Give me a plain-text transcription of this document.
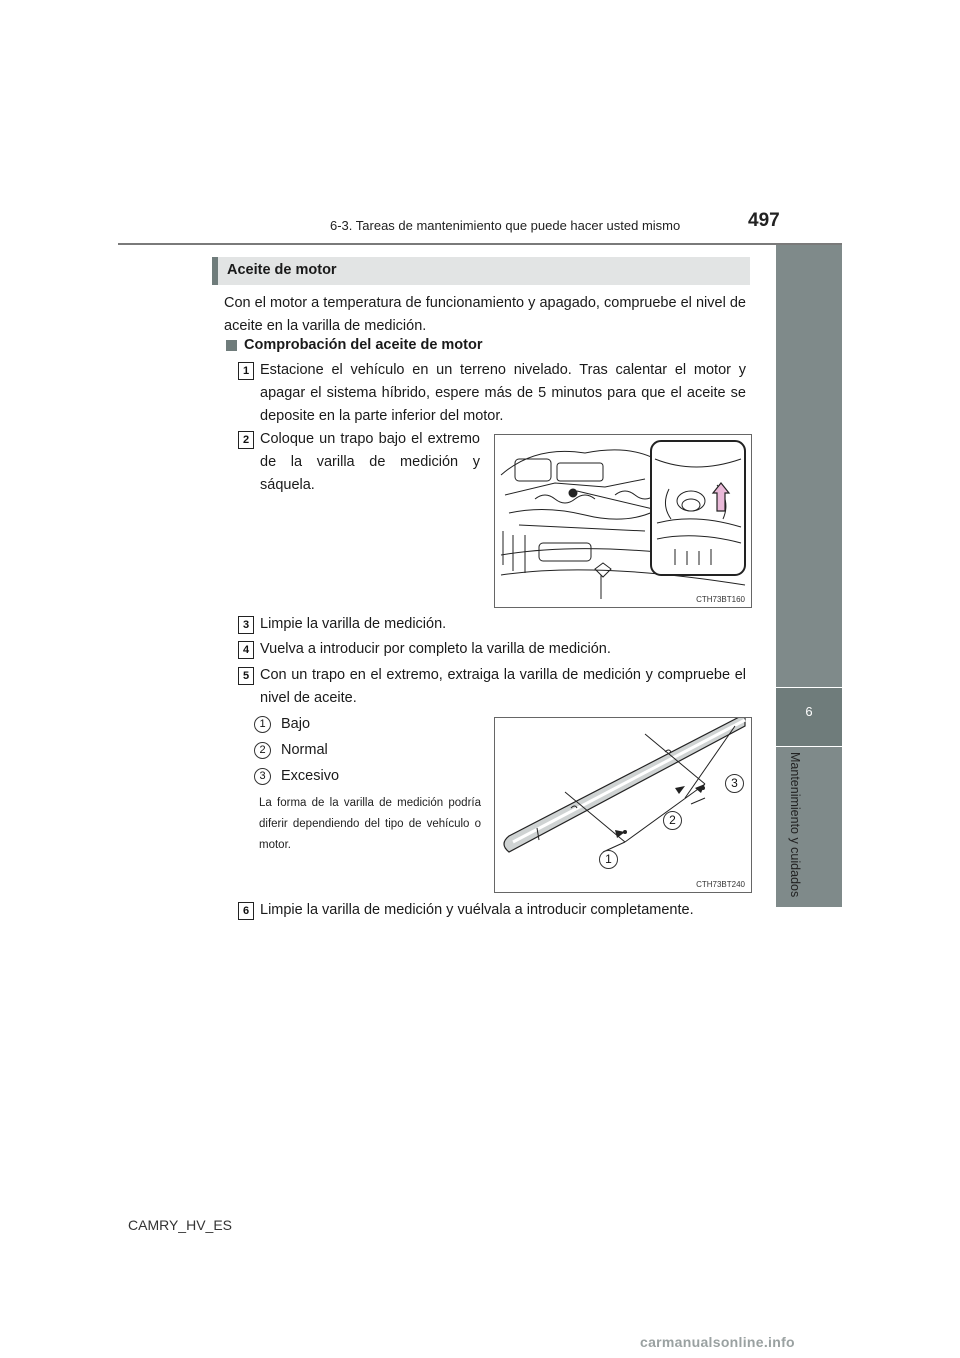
6-3. Tareas de mantenimiento que puede hacer usted mismo	497
6
Mantenimiento y cuidados
Aceite de motor
Con el motor a temperatura de funcionamiento y apagado, compruebe el nivel de aceite en la varilla de medición.
Comprobación del aceite de motor
1 Estacione el vehículo en un terreno nivelado. Tras calentar el motor y apagar el sistema híbrido, espere más de 5 minutos para que el aceite se deposite en la parte inferior del motor.
2 Coloque un trapo bajo el extremo de la varilla de medición y sáquela.
CTH73BT160
3 Limpie la varilla de medición.
4 Vuelva a introducir por completo la varilla de medición.
5 Con un trapo en el extremo, extraiga la varilla de medición y compruebe el nivel de aceite.
1	Bajo
2	Normal
3	Excesivo
La forma de la varilla de medición podría diferir dependiendo del tipo de vehículo o motor.
1
2
3
CTH73BT240
6 Limpie la varilla de medición y vuélvala a introducir completamente.
CAMRY_HV_ES
carmanualsonline.info
